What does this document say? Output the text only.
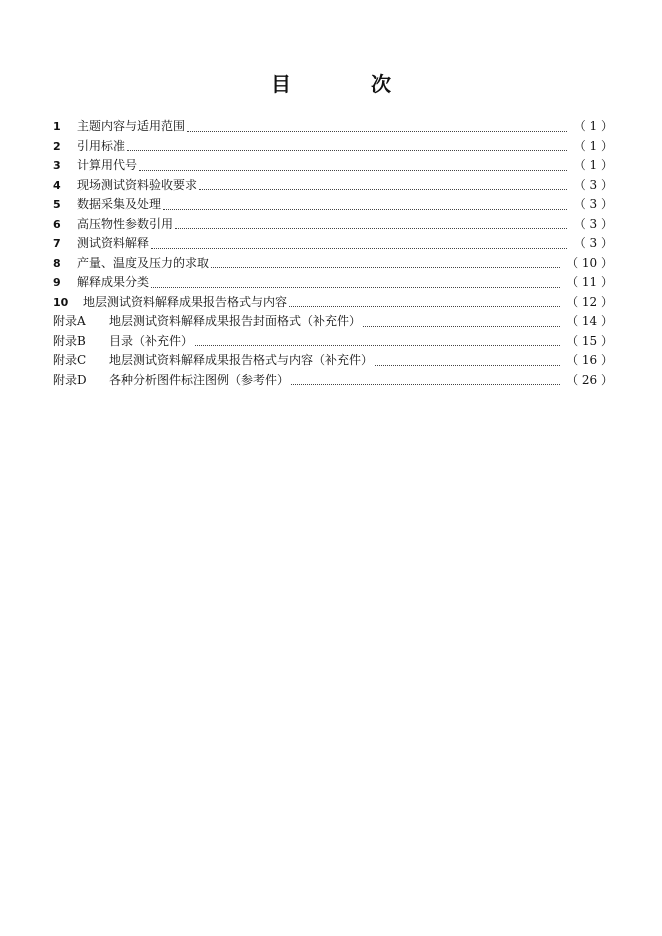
目　次
1	主题内容与适用范围	（ 1 ）
2	引用标准	（ 1 ）
3	计算用代号	（ 1 ）
4	现场测试资料验收要求	（ 3 ）
5	数据采集及处理	（ 3 ）
6	高压物性参数引用	（ 3 ）
7	测试资料解释	（ 3 ）
8	产量、温度及压力的求取	（ 10 ）
9	解释成果分类	（ 11 ）
10	地层测试资料解释成果报告格式与内容	（ 12 ）
附录A	地层测试资料解释成果报告封面格式（补充件）	（ 14 ）
附录B	目录（补充件）	（ 15 ）
附录C	地层测试资料解释成果报告格式与内容（补充件）	（ 16 ）
附录D	各种分析图件标注图例（参考件）	（ 26 ）
